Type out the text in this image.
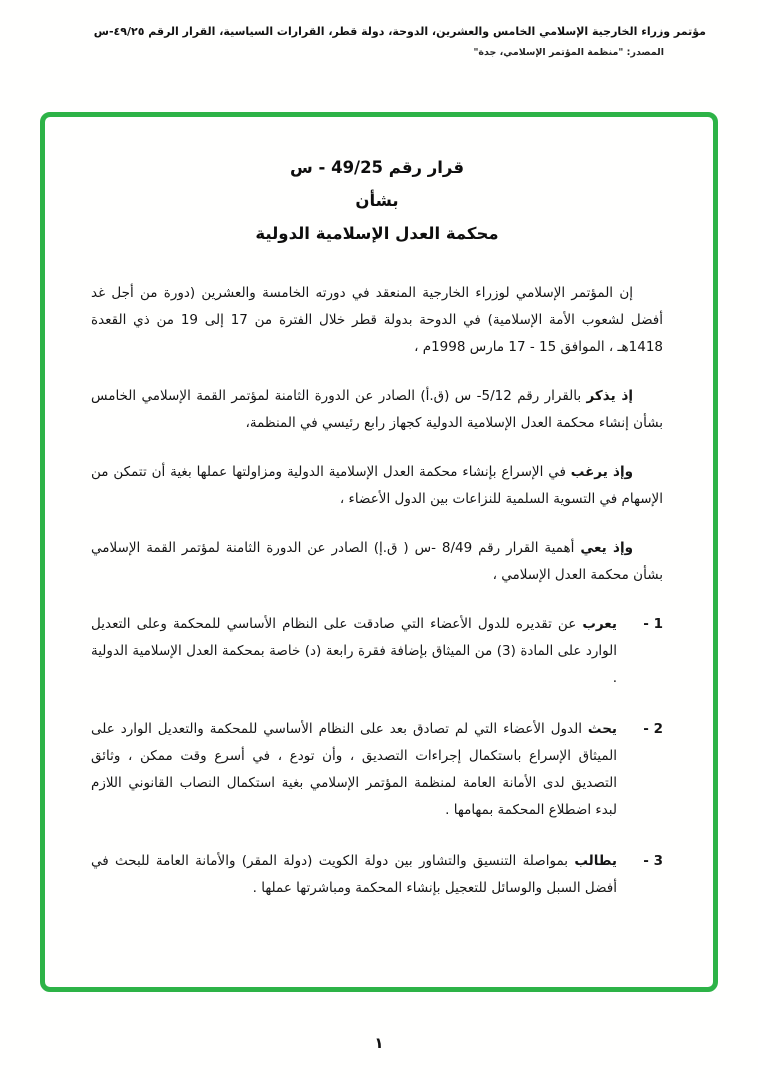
مؤتمر وزراء الخارجية الإسلامي الخامس والعشرين، الدوحة، دولة قطر، القرارات السياسية، القرار الرقم ٤٩/٢٥-س
المصدر: "منظمة المؤتمر الإسلامي، جدة"
قرار رقم 49/25 - س
بشأن
محكمة العدل الإسلامية الدولية

إن المؤتمر الإسلامي لوزراء الخارجية المنعقد في دورته الخامسة والعشرين (دورة من أجل غد أفضل لشعوب الأمة الإسلامية) في الدوحة بدولة قطر خلال الفترة من 17 إلى 19 من ذي القعدة 1418هـ ، الموافق 15 - 17 مارس 1998م ،

إذ يذكر بالقرار رقم 5/12- س (ق.أ) الصادر عن الدورة الثامنة لمؤتمر القمة الإسلامي الخامس بشأن إنشاء محكمة العدل الإسلامية الدولية كجهاز رابع رئيسي في المنظمة،

وإذ يرغب في الإسراع بإنشاء محكمة العدل الإسلامية الدولية ومزاولتها عملها بغية أن تتمكن من الإسهام في التسوية السلمية للنزاعات بين الدول الأعضاء ،

وإذ يعي أهمية القرار رقم 8/49 -س ( ق.إ) الصادر عن الدورة الثامنة لمؤتمر القمة الإسلامي بشأن محكمة العدل الإسلامي ،

1 -
يعرب عن تقديره للدول الأعضاء التي صادقت على النظام الأساسي للمحكمة وعلى التعديل الوارد على المادة (3) من الميثاق بإضافة فقرة رابعة (د) خاصة بمحكمة العدل الإسلامية الدولية .
2 -
يحث الدول الأعضاء التي لم تصادق بعد على النظام الأساسي للمحكمة والتعديل الوارد على الميثاق الإسراع باستكمال إجراءات التصديق ، وأن تودع ، في أسرع وقت ممكن ، وثائق التصديق لدى الأمانة العامة لمنظمة المؤتمر الإسلامي بغية استكمال النصاب القانوني اللازم لبدء اضطلاع المحكمة بمهامها .
3 -
يطالب بمواصلة التنسيق والتشاور بين دولة الكويت (دولة المقر) والأمانة العامة للبحث في أفضل السبل والوسائل للتعجيل بإنشاء المحكمة ومباشرتها عملها .
١
